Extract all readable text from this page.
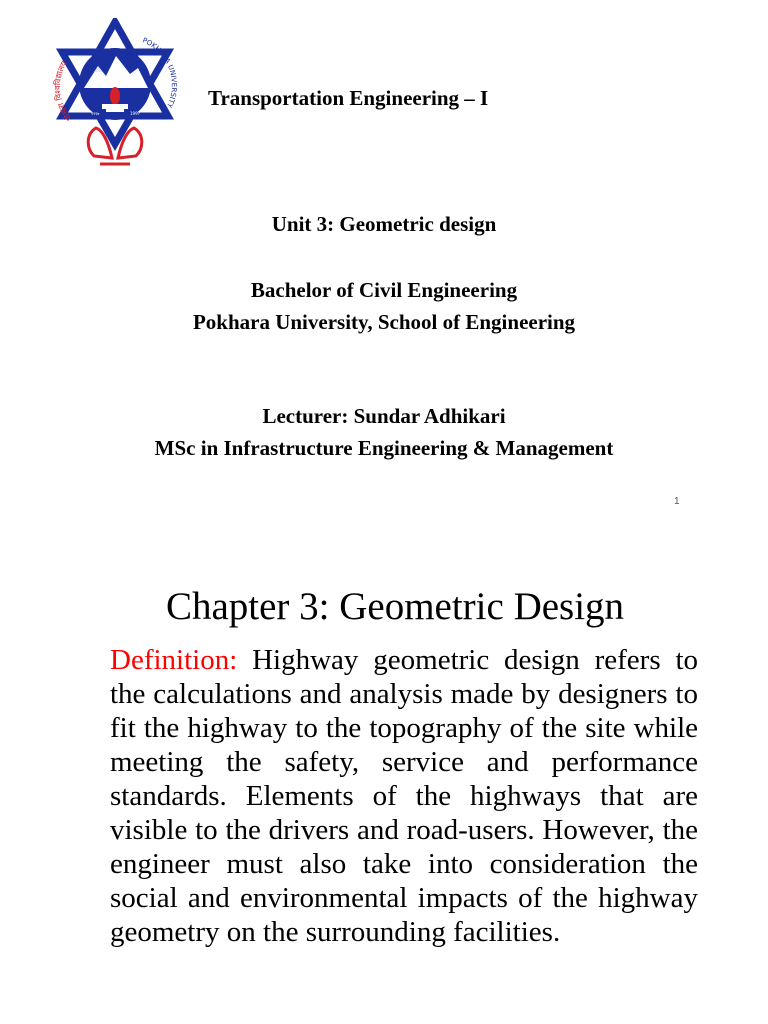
पोखरा विश्वविद्यालय
POKHARA UNIVERSITY
१९९७	1997
Transportation Engineering – I
Unit 3: Geometric design
Bachelor of Civil Engineering
Pokhara University, School of Engineering
Lecturer: Sundar Adhikari
MSc in Infrastructure Engineering & Management
1
Chapter 3: Geometric Design

Definition: Highway geometric design refers to the calculations and analysis made by designers to fit the highway to the topography of the site while meeting the safety, service and performance standards. Elements of the highways that are visible to the drivers and road-users. However, the engineer must also take into consideration the social and environmental impacts of the highway geometry on the surrounding facilities.
